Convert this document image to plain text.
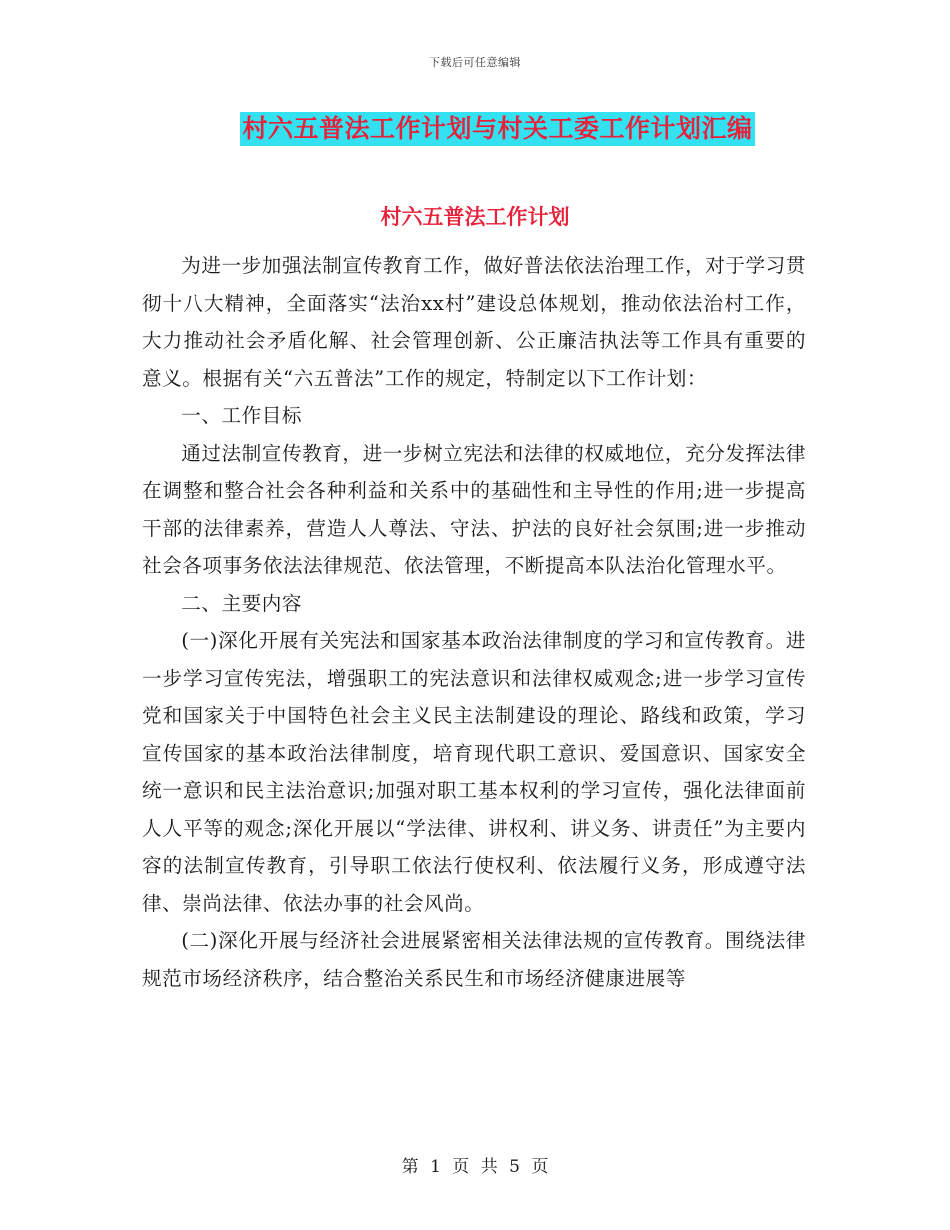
下载后可任意编辑
村六五普法工作计划与村关工委工作计划汇编
村六五普法工作计划

为进一步加强法制宣传教育工作，做好普法依法治理工作，对于学习贯彻十八大精神，全面落实“法治xx村”建设总体规划，推动依法治村工作，大力推动社会矛盾化解、社会管理创新、公正廉洁执法等工作具有重要的意义。根据有关“六五普法”工作的规定，特制定以下工作计划：

一、工作目标

通过法制宣传教育，进一步树立宪法和法律的权威地位，充分发挥法律在调整和整合社会各种利益和关系中的基础性和主导性的作用;进一步提高干部的法律素养，营造人人尊法、守法、护法的良好社会氛围;进一步推动社会各项事务依法法律规范、依法管理，不断提高本队法治化管理水平。

二、主要内容

(一)深化开展有关宪法和国家基本政治法律制度的学习和宣传教育。进一步学习宣传宪法，增强职工的宪法意识和法律权威观念;进一步学习宣传党和国家关于中国特色社会主义民主法制建设的理论、路线和政策，学习宣传国家的基本政治法律制度，培育现代职工意识、爱国意识、国家安全统一意识和民主法治意识;加强对职工基本权利的学习宣传，强化法律面前人人平等的观念;深化开展以“学法律、讲权利、讲义务、讲责任”为主要内容的法制宣传教育，引导职工依法行使权利、依法履行义务，形成遵守法律、崇尚法律、依法办事的社会风尚。

(二)深化开展与经济社会进展紧密相关法律法规的宣传教育。围绕法律规范市场经济秩序，结合整治关系民生和市场经济健康进展等

第 1 页 共 5 页
